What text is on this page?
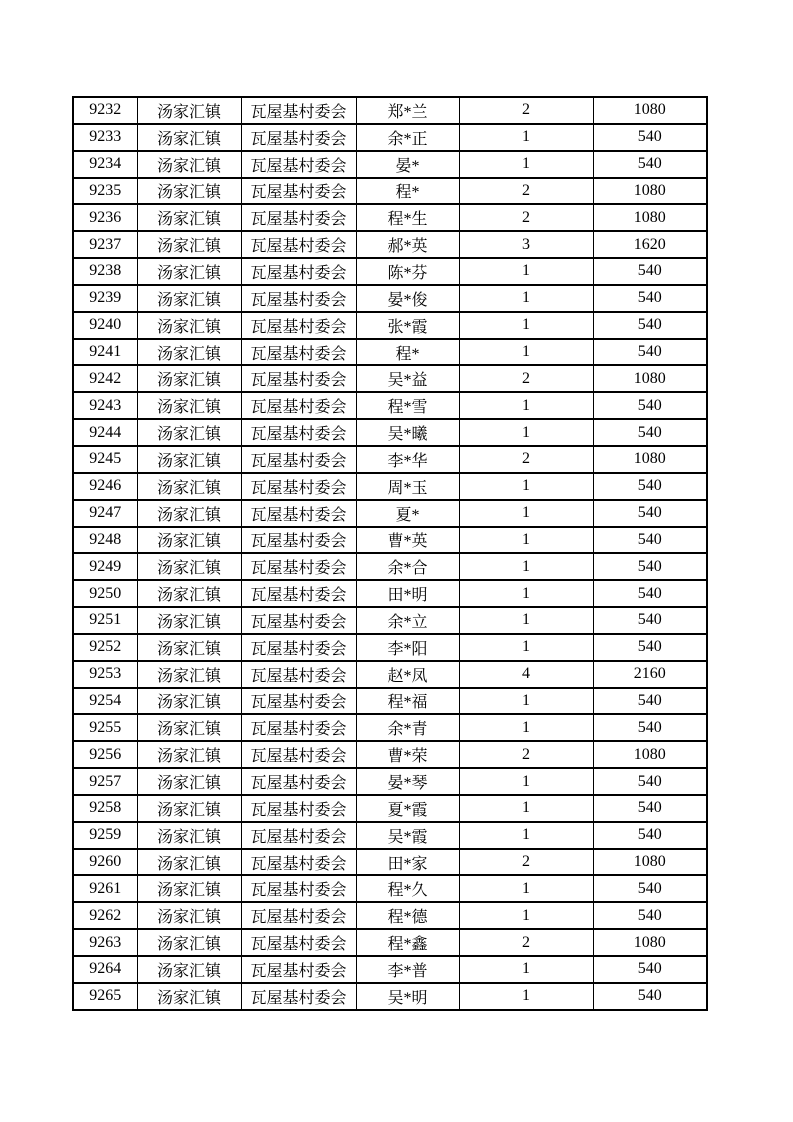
9232	汤家汇镇	瓦屋基村委会	郑*兰	2	1080
9233	汤家汇镇	瓦屋基村委会	余*正	1	540
9234	汤家汇镇	瓦屋基村委会	晏*	1	540
9235	汤家汇镇	瓦屋基村委会	程*	2	1080
9236	汤家汇镇	瓦屋基村委会	程*生	2	1080
9237	汤家汇镇	瓦屋基村委会	郝*英	3	1620
9238	汤家汇镇	瓦屋基村委会	陈*芬	1	540
9239	汤家汇镇	瓦屋基村委会	晏*俊	1	540
9240	汤家汇镇	瓦屋基村委会	张*霞	1	540
9241	汤家汇镇	瓦屋基村委会	程*	1	540
9242	汤家汇镇	瓦屋基村委会	吴*益	2	1080
9243	汤家汇镇	瓦屋基村委会	程*雪	1	540
9244	汤家汇镇	瓦屋基村委会	吴*曦	1	540
9245	汤家汇镇	瓦屋基村委会	李*华	2	1080
9246	汤家汇镇	瓦屋基村委会	周*玉	1	540
9247	汤家汇镇	瓦屋基村委会	夏*	1	540
9248	汤家汇镇	瓦屋基村委会	曹*英	1	540
9249	汤家汇镇	瓦屋基村委会	余*合	1	540
9250	汤家汇镇	瓦屋基村委会	田*明	1	540
9251	汤家汇镇	瓦屋基村委会	余*立	1	540
9252	汤家汇镇	瓦屋基村委会	李*阳	1	540
9253	汤家汇镇	瓦屋基村委会	赵*凤	4	2160
9254	汤家汇镇	瓦屋基村委会	程*福	1	540
9255	汤家汇镇	瓦屋基村委会	余*青	1	540
9256	汤家汇镇	瓦屋基村委会	曹*荣	2	1080
9257	汤家汇镇	瓦屋基村委会	晏*琴	1	540
9258	汤家汇镇	瓦屋基村委会	夏*霞	1	540
9259	汤家汇镇	瓦屋基村委会	吴*霞	1	540
9260	汤家汇镇	瓦屋基村委会	田*家	2	1080
9261	汤家汇镇	瓦屋基村委会	程*久	1	540
9262	汤家汇镇	瓦屋基村委会	程*德	1	540
9263	汤家汇镇	瓦屋基村委会	程*鑫	2	1080
9264	汤家汇镇	瓦屋基村委会	李*普	1	540
9265	汤家汇镇	瓦屋基村委会	吴*明	1	540
